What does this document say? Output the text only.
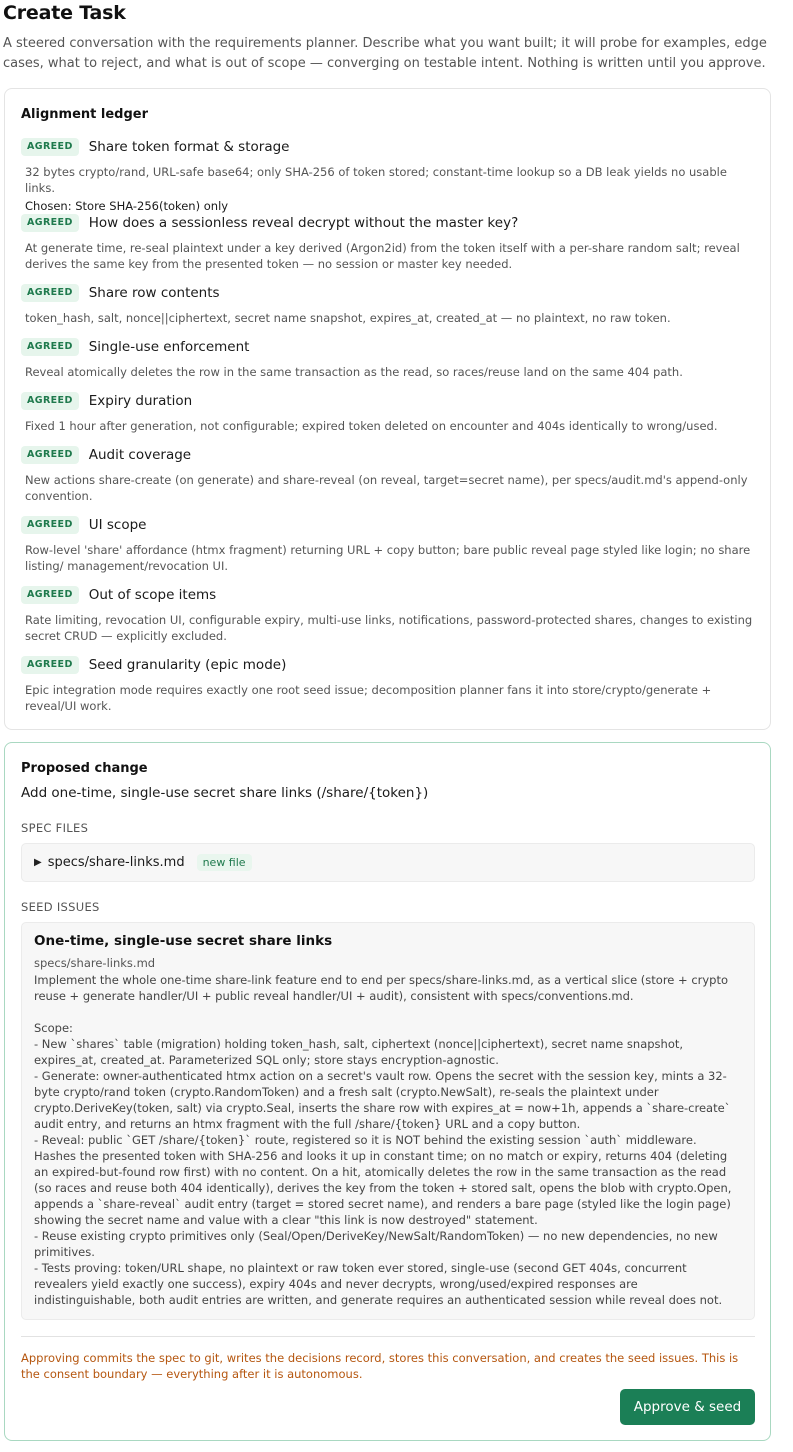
Create Task

A steered conversation with the requirements planner. Describe what you want built; it will probe for examples, edge cases, what to reject, and what is out of scope — converging on testable intent. Nothing is written until you approve.

Alignment ledger
AGREED	Share token format & storage
32 bytes crypto/rand, URL-safe base64; only SHA-256 of token stored; constant-time lookup so a DB leak yields no usable links.
Chosen: Store SHA-256(token) only
AGREED	How does a sessionless reveal decrypt without the master key?
At generate time, re-seal plaintext under a key derived (Argon2id) from the token itself with a per-share random salt; reveal derives the same key from the presented token — no session or master key needed.
AGREED	Share row contents
token_hash, salt, nonce||ciphertext, secret name snapshot, expires_at, created_at — no plaintext, no raw token.
AGREED	Single-use enforcement
Reveal atomically deletes the row in the same transaction as the read, so races/reuse land on the same 404 path.
AGREED	Expiry duration
Fixed 1 hour after generation, not configurable; expired token deleted on encounter and 404s identically to wrong/used.
AGREED	Audit coverage
New actions share-create (on generate) and share-reveal (on reveal, target=secret name), per specs/audit.md's append-only convention.
AGREED	UI scope
Row-level 'share' affordance (htmx fragment) returning URL + copy button; bare public reveal page styled like login; no share listing/ management/revocation UI.
AGREED	Out of scope items
Rate limiting, revocation UI, configurable expiry, multi-use links, notifications, password-protected shares, changes to existing secret CRUD — explicitly excluded.
AGREED	Seed granularity (epic mode)
Epic integration mode requires exactly one root seed issue; decomposition planner fans it into store/crypto/generate + reveal/UI work.
Proposed change
Add one-time, single-use secret share links (/share/{token})
SPEC FILES
▶ specs/share-links.md	new file
SEED ISSUES
One-time, single-use secret share links
specs/share-links.md
Implement the whole one-time share-link feature end to end per specs/share-links.md, as a vertical slice (store + crypto reuse + generate handler/UI + public reveal handler/UI + audit), consistent with specs/conventions.md.

Scope:
- New `shares` table (migration) holding token_hash, salt, ciphertext (nonce||ciphertext), secret name snapshot, expires_at, created_at. Parameterized SQL only; store stays encryption-agnostic.
- Generate: owner-authenticated htmx action on a secret's vault row. Opens the secret with the session key, mints a 32-byte crypto/rand token (crypto.RandomToken) and a fresh salt (crypto.NewSalt), re-seals the plaintext under crypto.DeriveKey(token, salt) via crypto.Seal, inserts the share row with expires_at = now+1h, appends a `share-create` audit entry, and returns an htmx fragment with the full /share/{token} URL and a copy button.
- Reveal: public `GET /share/{token}` route, registered so it is NOT behind the existing session `auth` middleware. Hashes the presented token with SHA-256 and looks it up in constant time; on no match or expiry, returns 404 (deleting an expired-but-found row first) with no content. On a hit, atomically deletes the row in the same transaction as the read (so races and reuse both 404 identically), derives the key from the token + stored salt, opens the blob with crypto.Open, appends a `share-reveal` audit entry (target = stored secret name), and renders a bare page (styled like the login page) showing the secret name and value with a clear "this link is now destroyed" statement.
- Reuse existing crypto primitives only (Seal/Open/DeriveKey/NewSalt/RandomToken) — no new dependencies, no new primitives.
- Tests proving: token/URL shape, no plaintext or raw token ever stored, single-use (second GET 404s, concurrent revealers yield exactly one success), expiry 404s and never decrypts, wrong/used/expired responses are indistinguishable, both audit entries are written, and generate requires an authenticated session while reveal does not.
Approving commits the spec to git, writes the decisions record, stores this conversation, and creates the seed issues. This is the consent boundary — everything after it is autonomous.
Approve & seed
